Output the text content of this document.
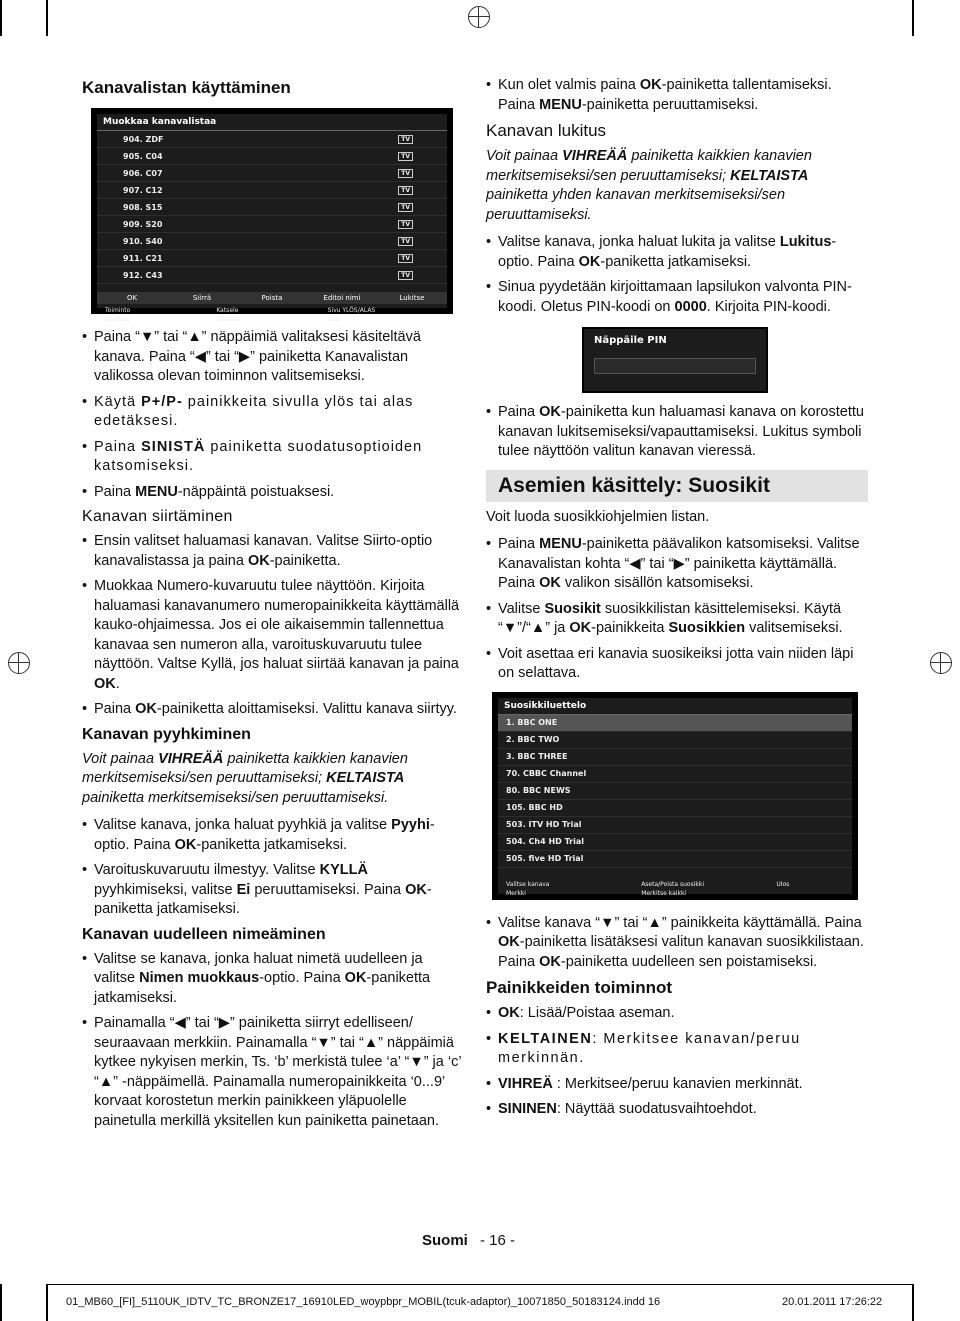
Kanavalistan käyttäminen
Muokkaa kanavalistaa
904. ZDF	TV
905. C04	TV
906. C07	TV
907. C12	TV
908. S15	TV
909. S20	TV
910. S40	TV
911. C21	TV
912. C43	TV
OK	Siirrä	Poista	Editoi nimi	Lukitse
Toiminto
Suodata
Katsele
Takaisin
Sivu YLÖS/ALAS
Ulos
• Paina “▼” tai “▲” näppäimiä valitaksesi käsiteltävä kanava. Paina “◀” tai “▶” painiketta Kanavalistan valikossa olevan toiminnon valitsemiseksi.
• Käytä P+/P- painikkeita sivulla ylös tai alas edetäksesi.
• Paina SINISTÄ painiketta suodatusoptioiden katsomiseksi.
• Paina MENU-näppäintä poistuaksesi.
Kanavan siirtäminen
• Ensin valitset haluamasi kanavan. Valitse Siirto-optio kanavalistassa ja paina OK-painiketta.
• Muokkaa Numero-kuvaruutu tulee näyttöön. Kirjoita haluamasi kanavanumero numeropainikkeita käyttämällä kauko-ohjaimessa. Jos ei ole aikaisemmin tallennettua kanavaa sen numeron alla, varoituskuvaruutu tulee näyttöön. Valtse Kyllä, jos haluat siirtää kanavan ja paina OK.
• Paina OK-painiketta aloittamiseksi. Valittu kanava siirtyy.
Kanavan pyyhkiminen

Voit painaa VIHREÄÄ painiketta kaikkien kanavien merkitsemiseksi/sen peruuttamiseksi; KELTAISTA painiketta merkitsemiseksi/sen peruuttamiseksi.

• Valitse kanava, jonka haluat pyyhkiä ja valitse Pyyhi-optio. Paina OK-paniketta jatkamiseksi.
• Varoituskuvaruutu ilmestyy. Valitse KYLLÄ pyyhkimiseksi, valitse Ei peruuttamiseksi. Paina OK-paniketta jatkamiseksi.
Kanavan uudelleen nimeäminen
• Valitse se kanava, jonka haluat nimetä uudelleen ja valitse Nimen muokkaus-optio. Paina OK-paniketta jatkamiseksi.
• Painamalla “◀” tai “▶” painiketta siirryt edelliseen/ seuraavaan merkkiin. Painamalla “▼” tai “▲” näppäimiä kytkee nykyisen merkin, Ts. ‘b’ merkistä tulee ‘a’ “▼” ja ‘c’ “▲” -näppäimellä. Painamalla numeropainikkeita ‘0...9’ korvaat korostetun merkin painikkeen yläpuolelle painetulla merkillä yksitellen kun painiketta painetaan.
• Kun olet valmis paina OK-painiketta tallentamiseksi. Paina MENU-painiketta peruuttamiseksi.
Kanavan lukitus

Voit painaa VIHREÄÄ painiketta kaikkien kanavien merkitsemiseksi/sen peruuttamiseksi; KELTAISTA painiketta yhden kanavan merkitsemiseksi/sen peruuttamiseksi.

• Valitse kanava, jonka haluat lukita ja valitse Lukitus-optio. Paina OK-paniketta jatkamiseksi.
• Sinua pyydetään kirjoittamaan lapsilukon valvonta PIN-koodi. Oletus PIN-koodi on 0000. Kirjoita PIN-koodi.
Näppäile PIN
• Paina OK-painiketta kun haluamasi kanava on korostettu kanavan lukitsemiseksi/vapauttamiseksi. Lukitus symboli tulee näyttöön valitun kanavan vieressä.
Asemien käsittely: Suosikit

Voit luoda suosikkiohjelmien listan.

• Paina MENU-painiketta päävalikon katsomiseksi. Valitse Kanavalistan kohta “◀” tai “▶” painiketta käyttämällä. Paina OK valikon sisällön katsomiseksi.
• Valitse Suosikit suosikkilistan käsittelemiseksi. Käytä “▼”/“▲” ja OK-painikkeita Suosikkien valitsemiseksi.
• Voit asettaa eri kanavia suosikeiksi jotta vain niiden läpi on selattava.
Suosikkiluettelo
1. BBC ONE
2. BBC TWO
3. BBC THREE
70. CBBC Channel
80. BBC NEWS
105. BBC HD
503. ITV HD Trial
504. Ch4 HD Trial
505. five HD Trial
Valitse kanava
Merkki
Aseta/Poista suosikki
Merkitse kaikki
Ulos
• Valitse kanava “▼” tai “▲” painikkeita käyttämällä. Paina OK-painiketta lisätäksesi valitun kanavan suosikkilistaan. Paina OK-painiketta uudelleen sen poistamiseksi.
Painikkeiden toiminnot
• OK: Lisää/Poistaa aseman.
• KELTAINEN: Merkitsee kanavan/peruu merkinnän.
• VIHREÄ : Merkitsee/peruu kanavien merkinnät.
• SININEN: Näyttää suodatusvaihtoehdot.
Suomi - 16 -
01_MB60_[FI]_5110UK_IDTV_TC_BRONZE17_16910LED_woypbpr_MOBIL(tcuk-adaptor)_10071850_50183124.indd 16	20.01.2011 17:26:22
